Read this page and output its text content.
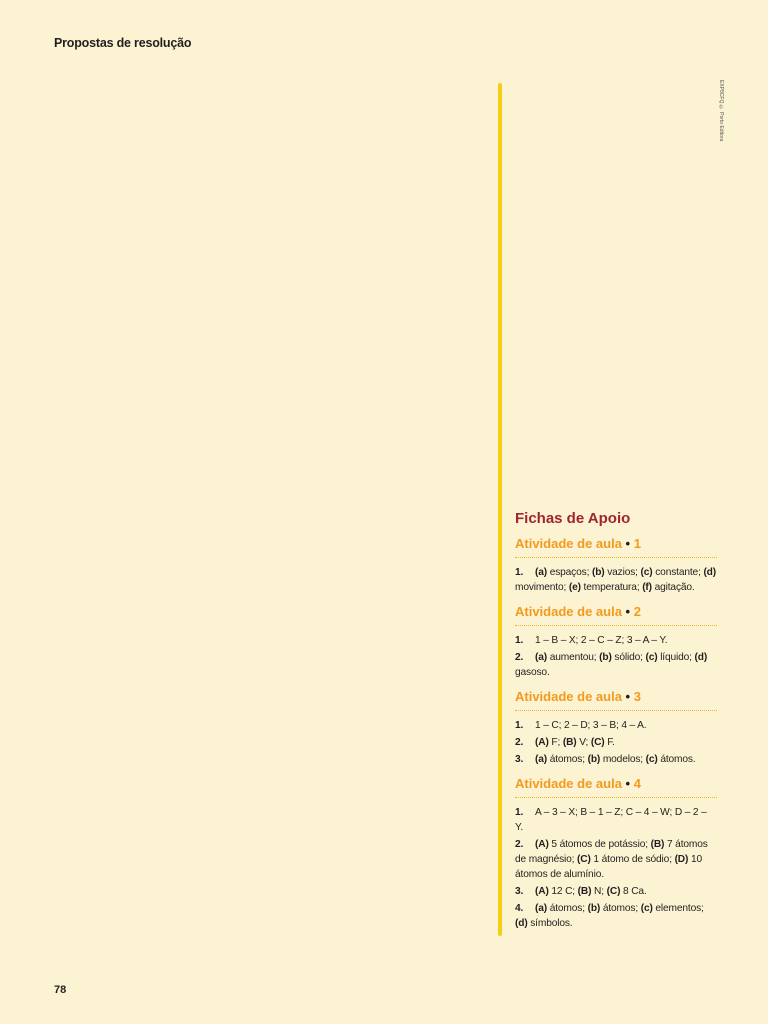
Propostas de resolução
EXP8CFQ © Porto Editora
Fichas de Apoio
Atividade de aula • 1
1. (a) espaços; (b) vazios; (c) constante; (d) movimento; (e) temperatura; (f) agitação.
Atividade de aula • 2
1. 1 – B – X; 2 – C – Z; 3 – A – Y.
2. (a) aumentou; (b) sólido; (c) líquido; (d) gasoso.
Atividade de aula • 3
1. 1 – C; 2 – D; 3 – B; 4 – A.
2. (A) F; (B) V; (C) F.
3. (a) átomos; (b) modelos; (c) átomos.
Atividade de aula • 4
1. A – 3 – X; B – 1 – Z; C – 4 – W; D – 2 – Y.
2. (A) 5 átomos de potássio; (B) 7 átomos de magnésio; (C) 1 átomo de sódio; (D) 10 átomos de alumínio.
3. (A) 12 C; (B) N; (C) 8 Ca.
4. (a) átomos; (b) átomos; (c) elementos; (d) símbolos.
78
